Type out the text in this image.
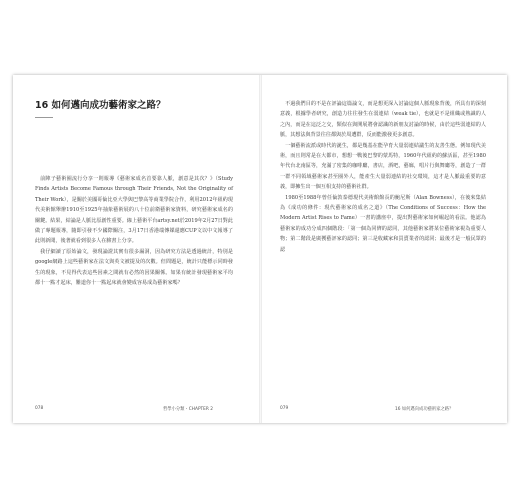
16 如何邁向成功藝術家之路？

前陣子藝術圈流行分享一則報導《藝術家成名首要靠人脈，創意是其次？》（Study Finds Artists Become Famous through Their Friends, Not the Originality of Their Work），是關於美國哥倫比亞大學與巴黎高等商業學院合作，利用2012年紐約現代美術館舉辦1910至1925年抽象藝術展的八十位前衛藝術家資料，研究藝術家成名的關鍵。結果，結論是人脈比原創性重要。線上藝術平台artsy.net於2019年2月27日對此做了專題報導，隨即引發不少國際關注，3月17日香港端傳媒還應CUP文以中文報導了此則新聞，後著就看到很多人在臉書上分享。

我仔細讀了原始論文，發現論證其實有很多漏洞，因為研究方法是透過統計，特別是google網路上這些藝術家在法文與英文被提及的次數。但問題是，統計只能標示同時發生的現象，不見得代表這些因素之間就有必然的因果關係。如果有統計發現藝術家平均都十一點才起床，難道你十一點起床就會變成容易成為藝術家嗎？

078	哲學小分類・CHAPTER 2

不過我們目的不是在評論這篇論文，而是想更深入討論這個人脈現象背後，所具有的深刻意義，根據學者研究，創造力往往發生在弱連結（weak tie），也就是不是組織或熟識的人之內，而是在這泛之交，類似在與開展將會認識的新朋友討論的時候，由於這些弱連結的人脈，其想法與背景往往都與於周遭群，反而能激發更多創意。

一個藝術流派或時代的誕生，都是幾基在能孕育大量弱連結議生的友善生態。例如現代美術，而且則常是在大都市，想想一戰後巴黎的蒙馬特，1960年代紐約的蘇活區，甚至1980年代台北南區等，充滿了密集的咖啡廳，書店，酒吧，藝廊，唱片行與舞廳等，創造了一群一群不同領域藝術家甚至圈外人，能產生大量弱連結的社交環境，這才是人脈最重要的意義，即擁生出一個互相支持的藝術社群。

1980至1988年曾任倫敦泰德現代美術館館長的鮑尼斯（Alan Bowness），在後來集結為《成功的條件：現代藝術家的成名之道》（The Conditions of Success：How the Modern Artist Rises to Fame）一書的講座中，提出對藝術家如何崛起的看法。他認為藝術家的成功分成四個階段：「第一個為同儕的認同，其他藝術家將某位藝術家視為重要人物；第二階段是廣獲藝評家的認同；第三是收藏家和買賣業者的認同；最後才是一般民眾的認

079	16 如何邁向成功藝術家之路？
